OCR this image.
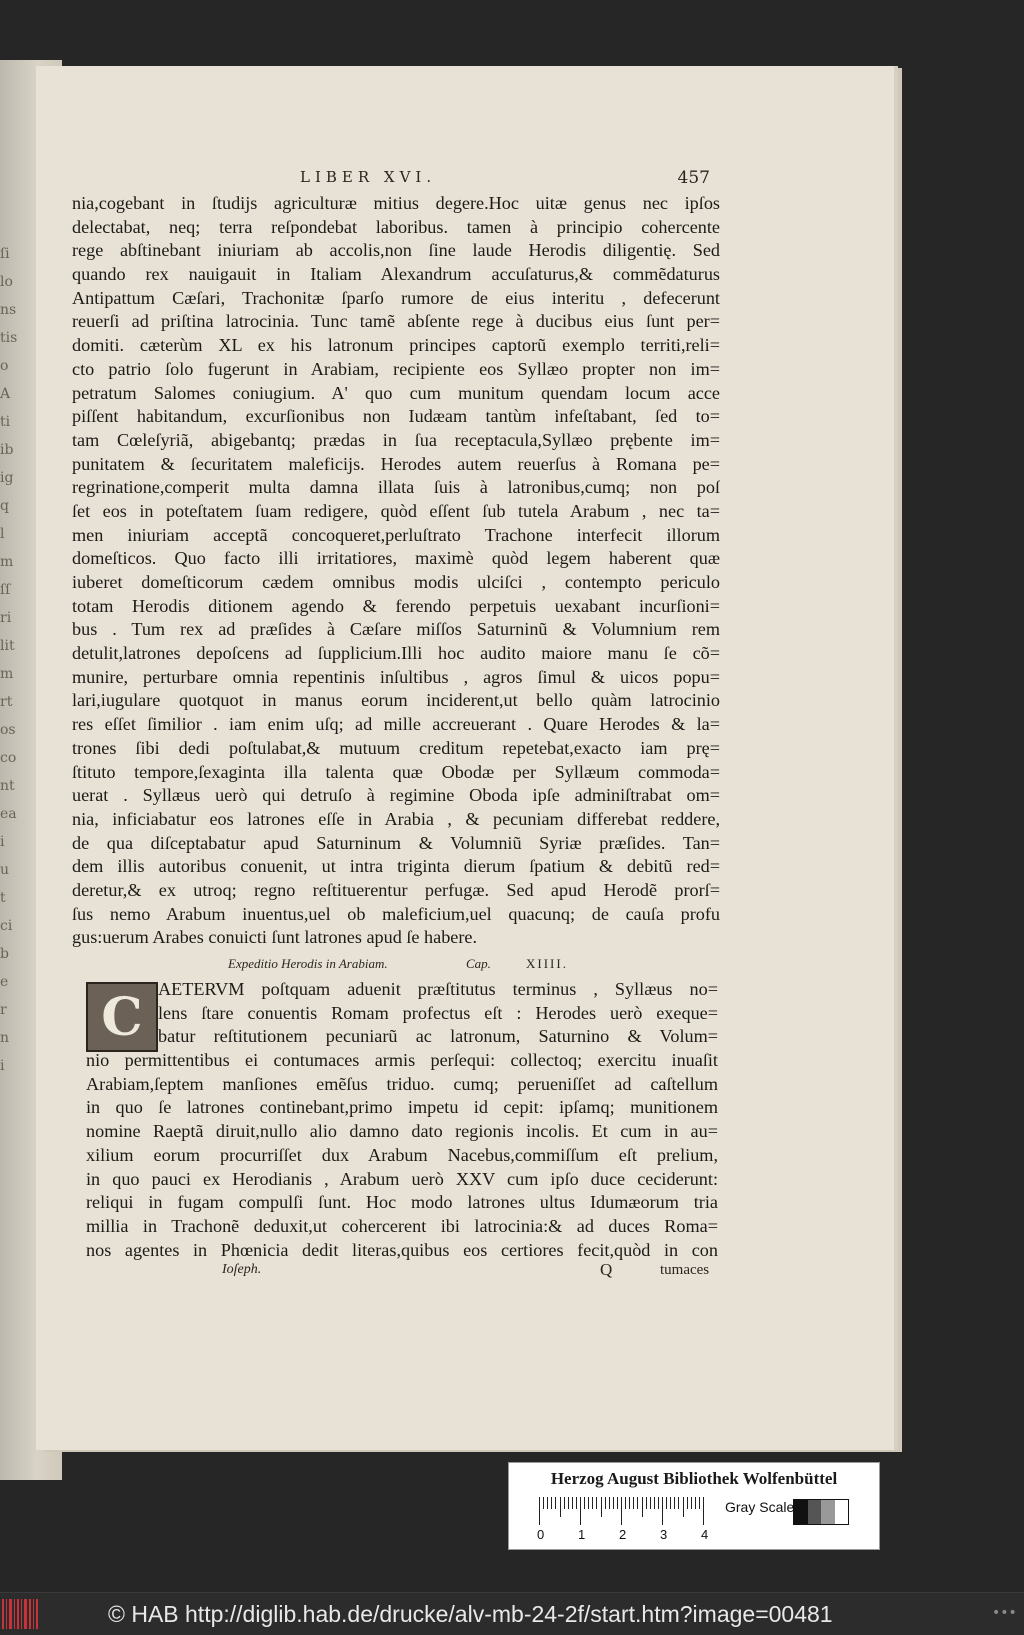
ſi
lo
ns
tis
o
A
ti
ib
ig
q
l
m
ſſ
ri
lit
m
rt
os
co
nt
ea
i
u
t
ci
b
e
r
n
i
LIBER XVI.	457
nia,cogebant in ſtudijs agriculturæ mitius degere.Hoc uitæ genus nec ipſos
delectabat, neq; terra reſpondebat laboribus. tamen à principio cohercente
rege abſtinebant iniuriam ab accolis,non ſine laude Herodis diligentię. Sed
quando rex nauigauit in Italiam Alexandrum accuſaturus,& commẽdaturus
Antipattum Cæſari, Trachonitæ ſparſo rumore de eius interitu , defecerunt
reuerſi ad priſtina latrocinia. Tunc tamẽ abſente rege à ducibus eius ſunt per=
domiti. cæterùm XL ex his latronum principes captorũ exemplo territi,reli=
cto patrio ſolo fugerunt in Arabiam, recipiente eos Syllæo propter non im=
petratum Salomes coniugium. A' quo cum munitum quendam locum acce
piſſent habitandum, excurſionibus non Iudæam tantùm infeſtabant, ſed to=
tam Cœleſyriã, abigebantq; prædas in ſua receptacula,Syllæo prębente im=
punitatem & ſecuritatem maleficijs. Herodes autem reuerſus à Romana pe=
regrinatione,comperit multa damna illata ſuis à latronibus,cumq; non poſ
ſet eos in poteſtatem ſuam redigere, quòd eſſent ſub tutela Arabum , nec ta=
men iniuriam acceptã concoqueret,perluſtrato Trachone interfecit illorum
domeſticos. Quo facto illi irritatiores, maximè quòd legem haberent quæ
iuberet domeſticorum cædem omnibus modis ulciſci , contempto periculo
totam Herodis ditionem agendo & ferendo perpetuis uexabant incurſioni=
bus . Tum rex ad præſides à Cæſare miſſos Saturninũ & Volumnium rem
detulit,latrones depoſcens ad ſupplicium.Illi hoc audito maiore manu ſe cõ=
munire, perturbare omnia repentinis inſultibus , agros ſimul & uicos popu=
lari,iugulare quotquot in manus eorum inciderent,ut bello quàm latrocinio
res eſſet ſimilior . iam enim uſq; ad mille accreuerant . Quare Herodes & la=
trones ſibi dedi poſtulabat,& mutuum creditum repetebat,exacto iam prę=
ſtituto tempore,ſexaginta illa talenta quæ Obodæ per Syllæum commoda=
uerat . Syllæus uerò qui detruſo à regimine Oboda ipſe adminiſtrabat om=
nia, inficiabatur eos latrones eſſe in Arabia , & pecuniam differebat reddere,
de qua diſceptabatur apud Saturninum & Volumniũ Syriæ præſides. Tan=
dem illis autoribus conuenit, ut intra triginta dierum ſpatium & debitũ red=
deretur,& ex utroq; regno reſtituerentur perfugæ. Sed apud Herodẽ prorſ=
ſus nemo Arabum inuentus,uel ob maleficium,uel quacunq; de cauſa profu
gus:uerum Arabes conuicti ſunt latrones apud ſe habere.
Expeditio Herodis in Arabiam.	Cap.	XIIII.
C AETERVM poſtquam aduenit præſtitutus terminus , Syllæus no=
lens ſtare conuentis Romam profectus eſt : Herodes uerò exeque=
batur reſtitutionem pecuniarũ ac latronum, Saturnino & Volum=
nio permittentibus ei contumaces armis perſequi: collectoq; exercitu inuaſit
Arabiam,ſeptem manſiones emẽſus triduo. cumq; perueniſſet ad caſtellum
in quo ſe latrones continebant,primo impetu id cepit: ipſamq; munitionem
nomine Raeptã diruit,nullo alio damno dato regionis incolis. Et cum in au=
xilium eorum procurriſſet dux Arabum Nacebus,commiſſum eſt prelium,
in quo pauci ex Herodianis , Arabum uerò XXV cum ipſo duce ceciderunt:
reliqui in fugam compulſi ſunt. Hoc modo latrones ultus Idumæorum tria
millia in Trachonẽ deduxit,ut cohercerent ibi latrocinia:& ad duces Roma=
nos agentes in Phœnicia dedit literas,quibus eos certiores fecit,quòd in con
Ioſeph.	Q	tumaces
Herzog August Bibliothek Wolfenbüttel
0	1	2	3	4
Gray Scale
© HAB http://diglib.hab.de/drucke/alv-mb-24-2f/start.htm?image=00481	•••
